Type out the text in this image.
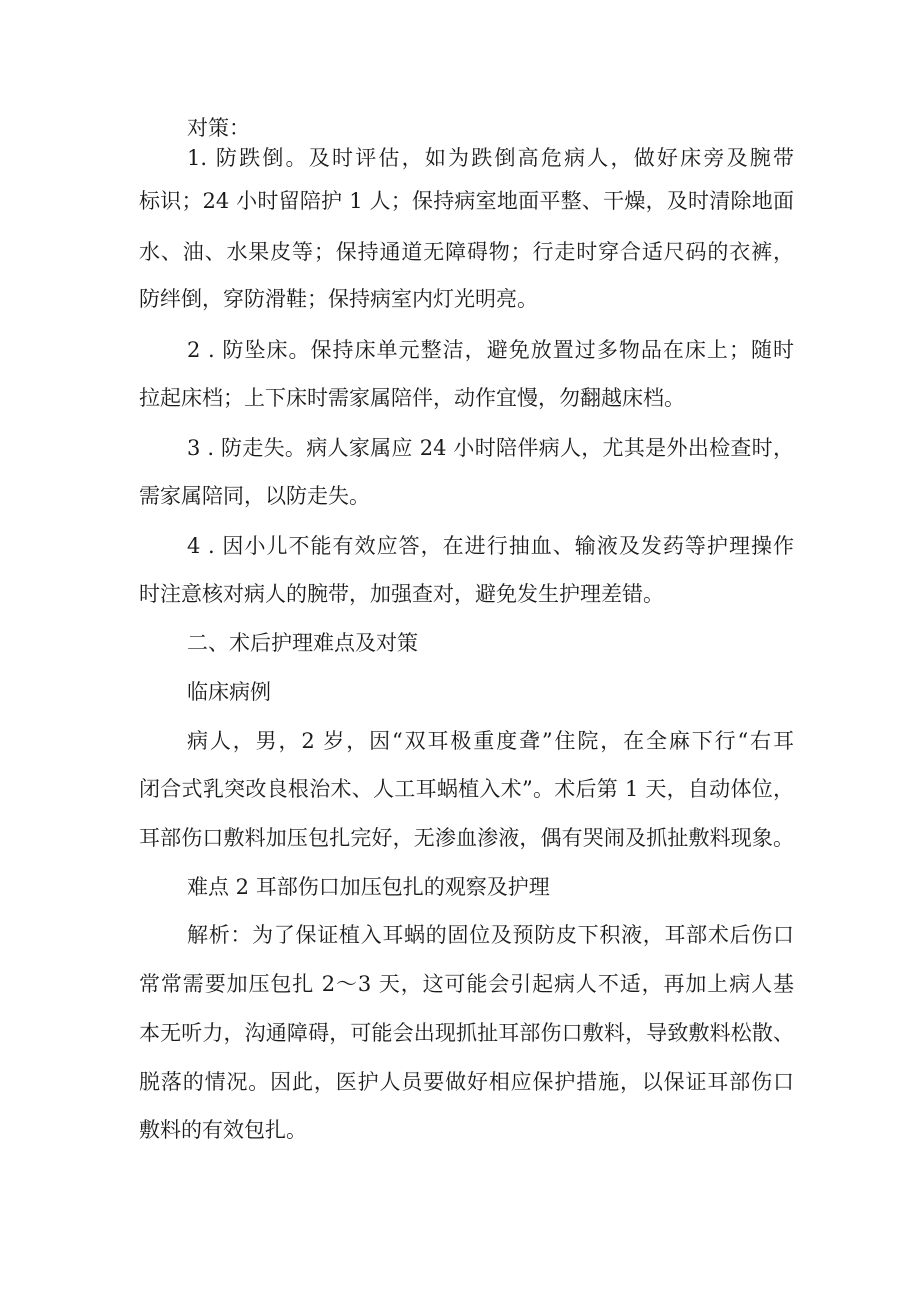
对策：
1. 防跌倒。及时评估，如为跌倒高危病人，做好床旁及腕带
标识；24 小时留陪护 1 人；保持病室地面平整、干燥，及时清除地面
水、油、水果皮等；保持通道无障碍物；行走时穿合适尺码的衣裤，
防绊倒，穿防滑鞋；保持病室内灯光明亮。
2 . 防坠床。保持床单元整洁，避免放置过多物品在床上；随时
拉起床档；上下床时需家属陪伴，动作宜慢，勿翻越床档。
3 . 防走失。病人家属应 24 小时陪伴病人，尤其是外出检查时，
需家属陪同，以防走失。
4 . 因小儿不能有效应答，在进行抽血、输液及发药等护理操作
时注意核对病人的腕带，加强查对，避免发生护理差错。
二、术后护理难点及对策
临床病例
病人，男，2 岁，因“双耳极重度聋”住院，在全麻下行“右耳
闭合式乳突改良根治术、人工耳蜗植入术”。术后第 1 天，自动体位，
耳部伤口敷料加压包扎完好，无渗血渗液，偶有哭闹及抓扯敷料现象。
难点 2 耳部伤口加压包扎的观察及护理
解析：为了保证植入耳蜗的固位及预防皮下积液，耳部术后伤口
常常需要加压包扎 2～3 天，这可能会引起病人不适，再加上病人基
本无听力，沟通障碍，可能会出现抓扯耳部伤口敷料，导致敷料松散、
脱落的情况。因此，医护人员要做好相应保护措施，以保证耳部伤口
敷料的有效包扎。
